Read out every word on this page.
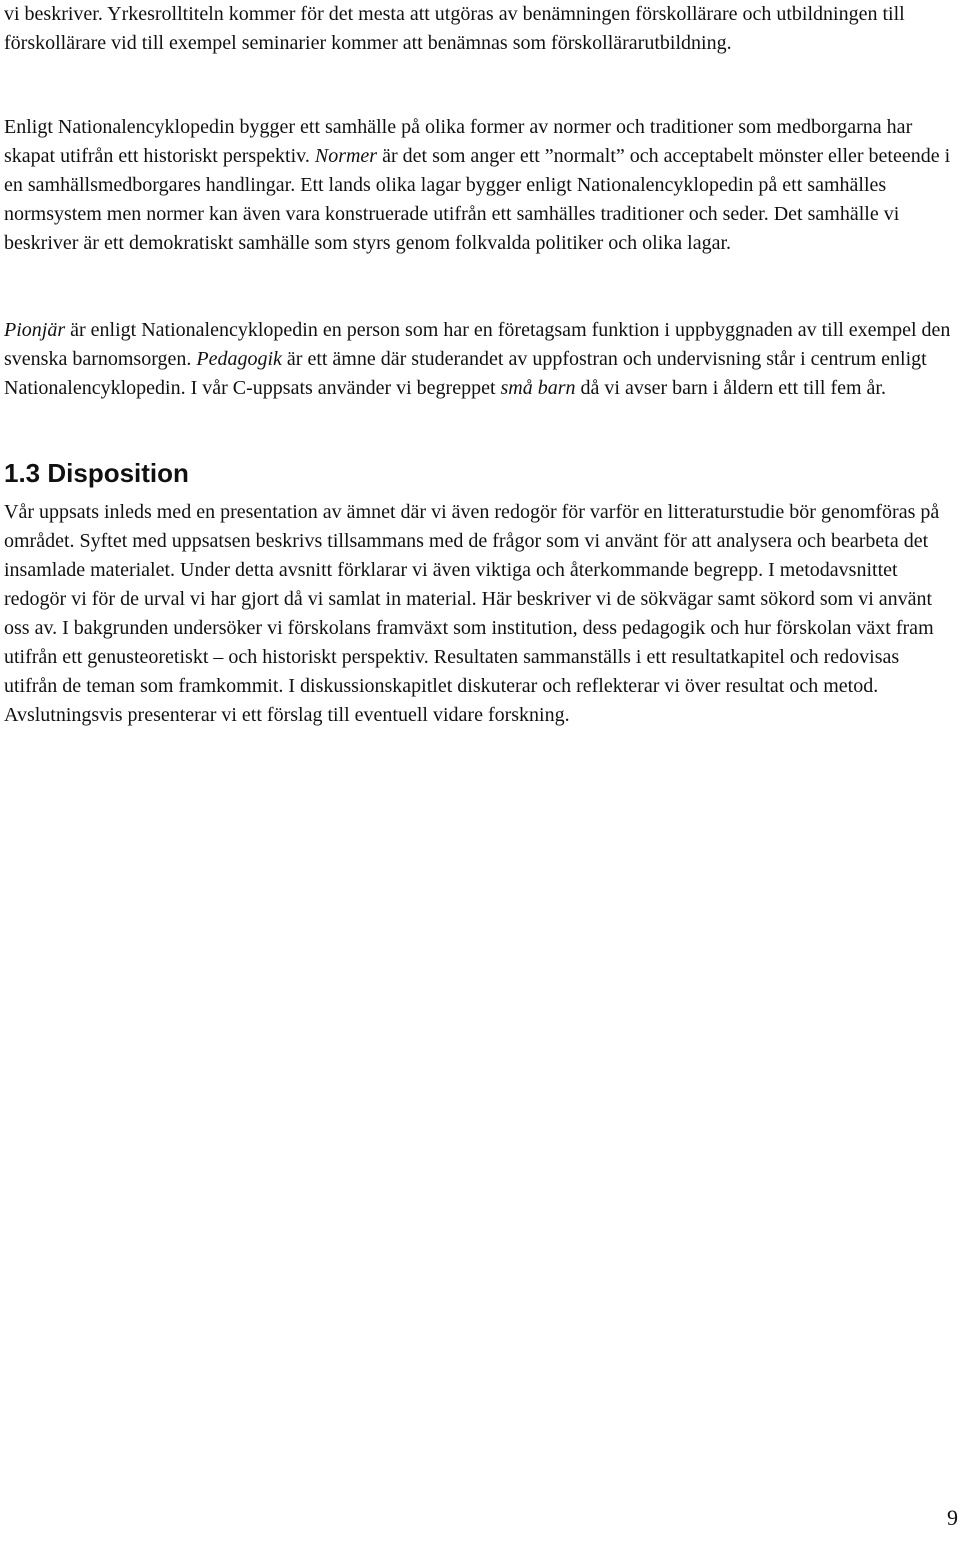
vi beskriver. Yrkesrolltiteln kommer för det mesta att utgöras av benämningen förskollärare och utbildningen till förskollärare vid till exempel seminarier kommer att benämnas som förskollärarutbildning.

Enligt Nationalencyklopedin bygger ett samhälle på olika former av normer och traditioner som medborgarna har skapat utifrån ett historiskt perspektiv. Normer är det som anger ett ”normalt” och acceptabelt mönster eller beteende i en samhällsmedborgares handlingar. Ett lands olika lagar bygger enligt Nationalencyklopedin på ett samhälles normsystem men normer kan även vara konstruerade utifrån ett samhälles traditioner och seder. Det samhälle vi beskriver är ett demokratiskt samhälle som styrs genom folkvalda politiker och olika lagar.

Pionjär är enligt Nationalencyklopedin en person som har en företagsam funktion i uppbyggnaden av till exempel den svenska barnomsorgen. Pedagogik är ett ämne där studerandet av uppfostran och undervisning står i centrum enligt Nationalencyklopedin. I vår C-uppsats använder vi begreppet små barn då vi avser barn i åldern ett till fem år.

1.3 Disposition

Vår uppsats inleds med en presentation av ämnet där vi även redogör för varför en litteraturstudie bör genomföras på området. Syftet med uppsatsen beskrivs tillsammans med de frågor som vi använt för att analysera och bearbeta det insamlade materialet. Under detta avsnitt förklarar vi även viktiga och återkommande begrepp. I metodavsnittet redogör vi för de urval vi har gjort då vi samlat in material. Här beskriver vi de sökvägar samt sökord som vi använt oss av. I bakgrunden undersöker vi förskolans framväxt som institution, dess pedagogik och hur förskolan växt fram utifrån ett genusteoretiskt – och historiskt perspektiv. Resultaten sammanställs i ett resultatkapitel och redovisas utifrån de teman som framkommit. I diskussionskapitlet diskuterar och reflekterar vi över resultat och metod. Avslutningsvis presenterar vi ett förslag till eventuell vidare forskning.

9
